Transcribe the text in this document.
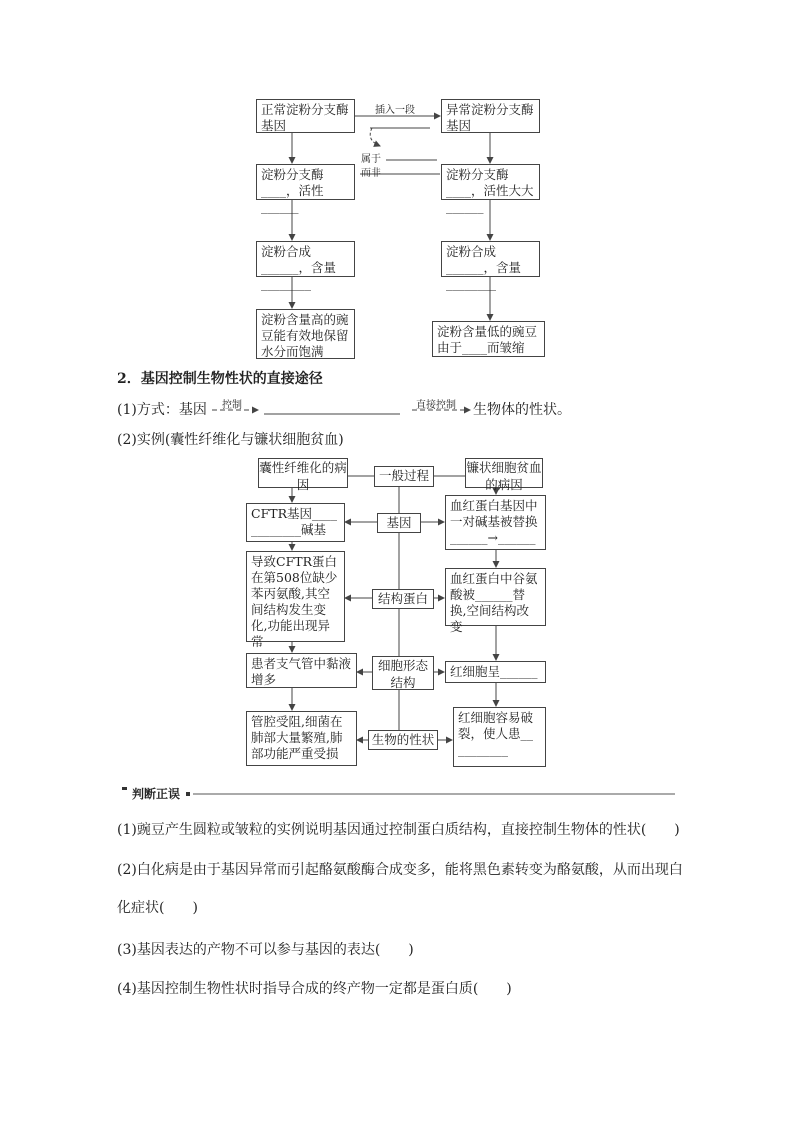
正常淀粉分支酶基因
异常淀粉分支酶基因
淀粉分支酶____，活性______
淀粉分支酶____，活性大大______
淀粉合成______，含量________
淀粉合成______，含量________
淀粉含量高的豌豆能有效地保留水分而饱满
淀粉含量低的豌豆由于____而皱缩
插入一段
属于
而非
2．基因控制生物性状的直接途径
(1)方式：基因 控制	直接控制 生物体的性状。
(2)实例(囊性纤维化与镰状细胞贫血)
囊性纤维化的病因
一般过程
镰状细胞贫血的病因
基因
结构蛋白
细胞形态结构
生物的性状
CFTR基因____ ________碱基
导致CFTR蛋白在第508位缺少苯丙氨酸,其空间结构发生变化,功能出现异常
患者支气管中黏液增多
管腔受阻,细菌在肺部大量繁殖,肺部功能严重受损
血红蛋白基因中一对碱基被替换______→______
血红蛋白中谷氨酸被______替换,空间结构改变
红细胞呈______
红细胞容易破裂，使人患__ ________
判断正误
(1)豌豆产生圆粒或皱粒的实例说明基因通过控制蛋白质结构，直接控制生物体的性状(　　)
(2)白化病是由于基因异常而引起酪氨酸酶合成变多，能将黑色素转变为酪氨酸，从而出现白
化症状(　　)
(3)基因表达的产物不可以参与基因的表达(　　)
(4)基因控制生物性状时指导合成的终产物一定都是蛋白质(　　)
